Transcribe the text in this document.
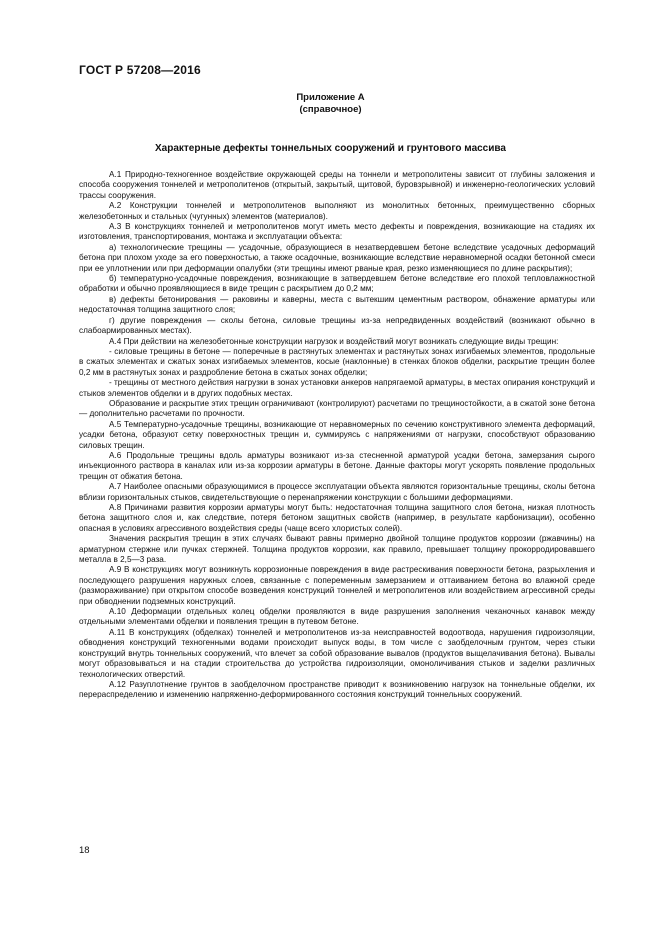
ГОСТ Р 57208—2016
Приложение А
(справочное)
Характерные дефекты тоннельных сооружений и грунтового массива

А.1 Природно-техногенное воздействие окружающей среды на тоннели и метрополитены зависит от глубины заложения и способа сооружения тоннелей и метрополитенов (открытый, закрытый, щитовой, буровзрывной) и инженерно-геологических условий трассы сооружения.

А.2 Конструкции тоннелей и метрополитенов выполняют из монолитных бетонных, преимущественно сборных железобетонных и стальных (чугунных) элементов (материалов).

А.3 В конструкциях тоннелей и метрополитенов могут иметь место дефекты и повреждения, возникающие на стадиях их изготовления, транспортирования, монтажа и эксплуатации объекта:

а) технологические трещины — усадочные, образующиеся в незатвердевшем бетоне вследствие усадочных деформаций бетона при плохом уходе за его поверхностью, а также осадочные, возникающие вследствие неравномерной осадки бетонной смеси при ее уплотнении или при деформации опалубки (эти трещины имеют рваные края, резко изменяющиеся по длине раскрытия);

б) температурно-усадочные повреждения, возникающие в затвердевшем бетоне вследствие его плохой тепловлажностной обработки и обычно проявляющиеся в виде трещин с раскрытием до 0,2 мм;

в) дефекты бетонирования — раковины и каверны, места с вытекшим цементным раствором, обнажение арматуры или недостаточная толщина защитного слоя;

г) другие повреждения — сколы бетона, силовые трещины из-за непредвиденных воздействий (возникают обычно в слабоармированных местах).

А.4 При действии на железобетонные конструкции нагрузок и воздействий могут возникать следующие виды трещин:

- силовые трещины в бетоне — поперечные в растянутых элементах и растянутых зонах изгибаемых элементов, продольные в сжатых элементах и сжатых зонах изгибаемых элементов, косые (наклонные) в стенках блоков обделки, раскрытие трещин более 0,2 мм в растянутых зонах и раздробление бетона в сжатых зонах обделки;

- трещины от местного действия нагрузки в зонах установки анкеров напрягаемой арматуры, в местах опирания конструкций и стыков элементов обделки и в других подобных местах.

Образование и раскрытие этих трещин ограничивают (контролируют) расчетами по трещиностойкости, а в сжатой зоне бетона — дополнительно расчетами по прочности.

А.5 Температурно-усадочные трещины, возникающие от неравномерных по сечению конструктивного элемента деформаций, усадки бетона, образуют сетку поверхностных трещин и, суммируясь с напряжениями от нагрузки, способствуют образованию силовых трещин.

А.6 Продольные трещины вдоль арматуры возникают из-за стесненной арматурой усадки бетона, замерзания сырого инъекционного раствора в каналах или из-за коррозии арматуры в бетоне. Данные факторы могут ускорять появление продольных трещин от обжатия бетона.

А.7 Наиболее опасными образующимися в процессе эксплуатации объекта являются горизонтальные трещины, сколы бетона вблизи горизонтальных стыков, свидетельствующие о перенапряжении конструкции с большими деформациями.

А.8 Причинами развития коррозии арматуры могут быть: недостаточная толщина защитного слоя бетона, низкая плотность бетона защитного слоя и, как следствие, потеря бетоном защитных свойств (например, в результате карбонизации), особенно опасная в условиях агрессивного воздействия среды (чаще всего хлористых солей).

Значения раскрытия трещин в этих случаях бывают равны примерно двойной толщине продуктов коррозии (ржавчины) на арматурном стержне или пучках стержней. Толщина продуктов коррозии, как правило, превышает толщину прокорродировавшего металла в 2,5—3 раза.

А.9 В конструкциях могут возникнуть коррозионные повреждения в виде растрескивания поверхности бетона, разрыхления и последующего разрушения наружных слоев, связанные с попеременным замерзанием и оттаиванием бетона во влажной среде (размораживание) при открытом способе возведения конструкций тоннелей и метрополитенов или воздействием агрессивной среды при обводнении подземных конструкций.

А.10 Деформации отдельных колец обделки проявляются в виде разрушения заполнения чеканочных канавок между отдельными элементами обделки и появления трещин в путевом бетоне.

А.11 В конструкциях (обделках) тоннелей и метрополитенов из-за неисправностей водоотвода, нарушения гидроизоляции, обводнения конструкций техногенными водами происходит выпуск воды, в том числе с заобделочным грунтом, через стыки конструкций внутрь тоннельных сооружений, что влечет за собой образование вывалов (продуктов выщелачивания бетона). Вывалы могут образовываться и на стадии строительства до устройства гидроизоляции, омоноличивания стыков и заделки различных технологических отверстий.

А.12 Разуплотнение грунтов в заобделочном пространстве приводит к возникновению нагрузок на тоннельные обделки, их перераспределению и изменению напряженно-деформированного состояния конструкций тоннельных сооружений.

18
